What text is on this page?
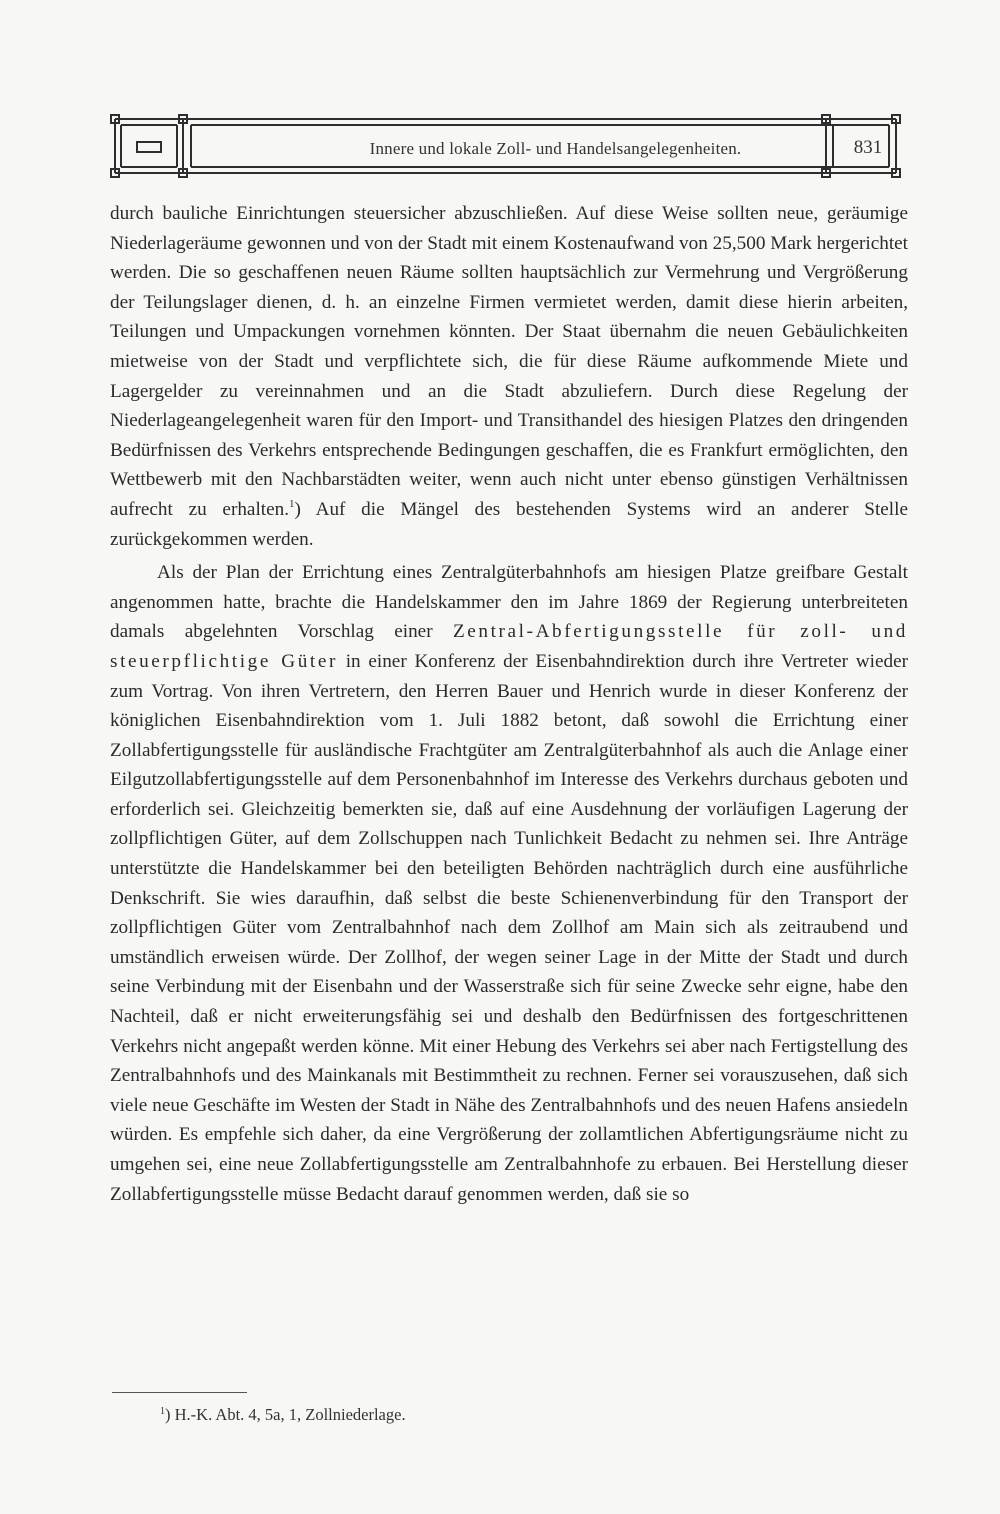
Innere und lokale Zoll- und Handelsangelegenheiten.	831

durch bauliche Einrichtungen steuersicher abzuschließen. Auf diese Weise sollten neue, geräumige Niederlageräume gewonnen und von der Stadt mit einem Kostenaufwand von 25,500 Mark hergerichtet werden. Die so geschaffenen neuen Räume sollten hauptsächlich zur Vermehrung und Vergrößerung der Teilungslager dienen, d. h. an einzelne Firmen vermietet werden, damit diese hierin arbeiten, Teilungen und Umpackungen vornehmen könnten. Der Staat übernahm die neuen Gebäulichkeiten mietweise von der Stadt und verpflichtete sich, die für diese Räume aufkommende Miete und Lagergelder zu vereinnahmen und an die Stadt abzuliefern. Durch diese Regelung der Niederlageangelegenheit waren für den Import- und Transithandel des hiesigen Platzes den dringenden Bedürfnissen des Verkehrs entsprechende Bedingungen geschaffen, die es Frankfurt ermöglichten, den Wettbewerb mit den Nachbarstädten weiter, wenn auch nicht unter ebenso günstigen Verhältnissen aufrecht zu erhalten.$^1$) Auf die Mängel des bestehenden Systems wird an anderer Stelle zurückgekommen werden.

Als der Plan der Errichtung eines Zentralgüterbahnhofs am hiesigen Platze greifbare Gestalt angenommen hatte, brachte die Handelskammer den im Jahre 1869 der Regierung unterbreiteten damals abgelehnten Vorschlag einer Zentral-Abfertigungsstelle für zoll- und steuerpflichtige Güter in einer Konferenz der Eisenbahndirektion durch ihre Vertreter wieder zum Vortrag. Von ihren Vertretern, den Herren Bauer und Henrich wurde in dieser Konferenz der königlichen Eisenbahndirektion vom 1. Juli 1882 betont, daß sowohl die Errichtung einer Zollabfertigungsstelle für ausländische Frachtgüter am Zentralgüterbahnhof als auch die Anlage einer Eilgutzollabfertigungsstelle auf dem Personenbahnhof im Interesse des Verkehrs durchaus geboten und erforderlich sei. Gleichzeitig bemerkten sie, daß auf eine Ausdehnung der vorläufigen Lagerung der zollpflichtigen Güter, auf dem Zollschuppen nach Tunlichkeit Bedacht zu nehmen sei. Ihre Anträge unterstützte die Handelskammer bei den beteiligten Behörden nachträglich durch eine ausführliche Denkschrift. Sie wies daraufhin, daß selbst die beste Schienenverbindung für den Transport der zollpflichtigen Güter vom Zentralbahnhof nach dem Zollhof am Main sich als zeitraubend und umständlich erweisen würde. Der Zollhof, der wegen seiner Lage in der Mitte der Stadt und durch seine Verbindung mit der Eisenbahn und der Wasserstraße sich für seine Zwecke sehr eigne, habe den Nachteil, daß er nicht erweiterungsfähig sei und deshalb den Bedürfnissen des fortgeschrittenen Verkehrs nicht angepaßt werden könne. Mit einer Hebung des Verkehrs sei aber nach Fertigstellung des Zentralbahnhofs und des Mainkanals mit Bestimmtheit zu rechnen. Ferner sei vorauszusehen, daß sich viele neue Geschäfte im Westen der Stadt in Nähe des Zentralbahnhofs und des neuen Hafens ansiedeln würden. Es empfehle sich daher, da eine Vergrößerung der zollamtlichen Abfertigungsräume nicht zu umgehen sei, eine neue Zollabfertigungsstelle am Zentralbahnhofe zu erbauen. Bei Herstellung dieser Zollabfertigungsstelle müsse Bedacht darauf genommen werden, daß sie so

$^1$) H.-K. Abt. 4, 5a, 1, Zollniederlage.
